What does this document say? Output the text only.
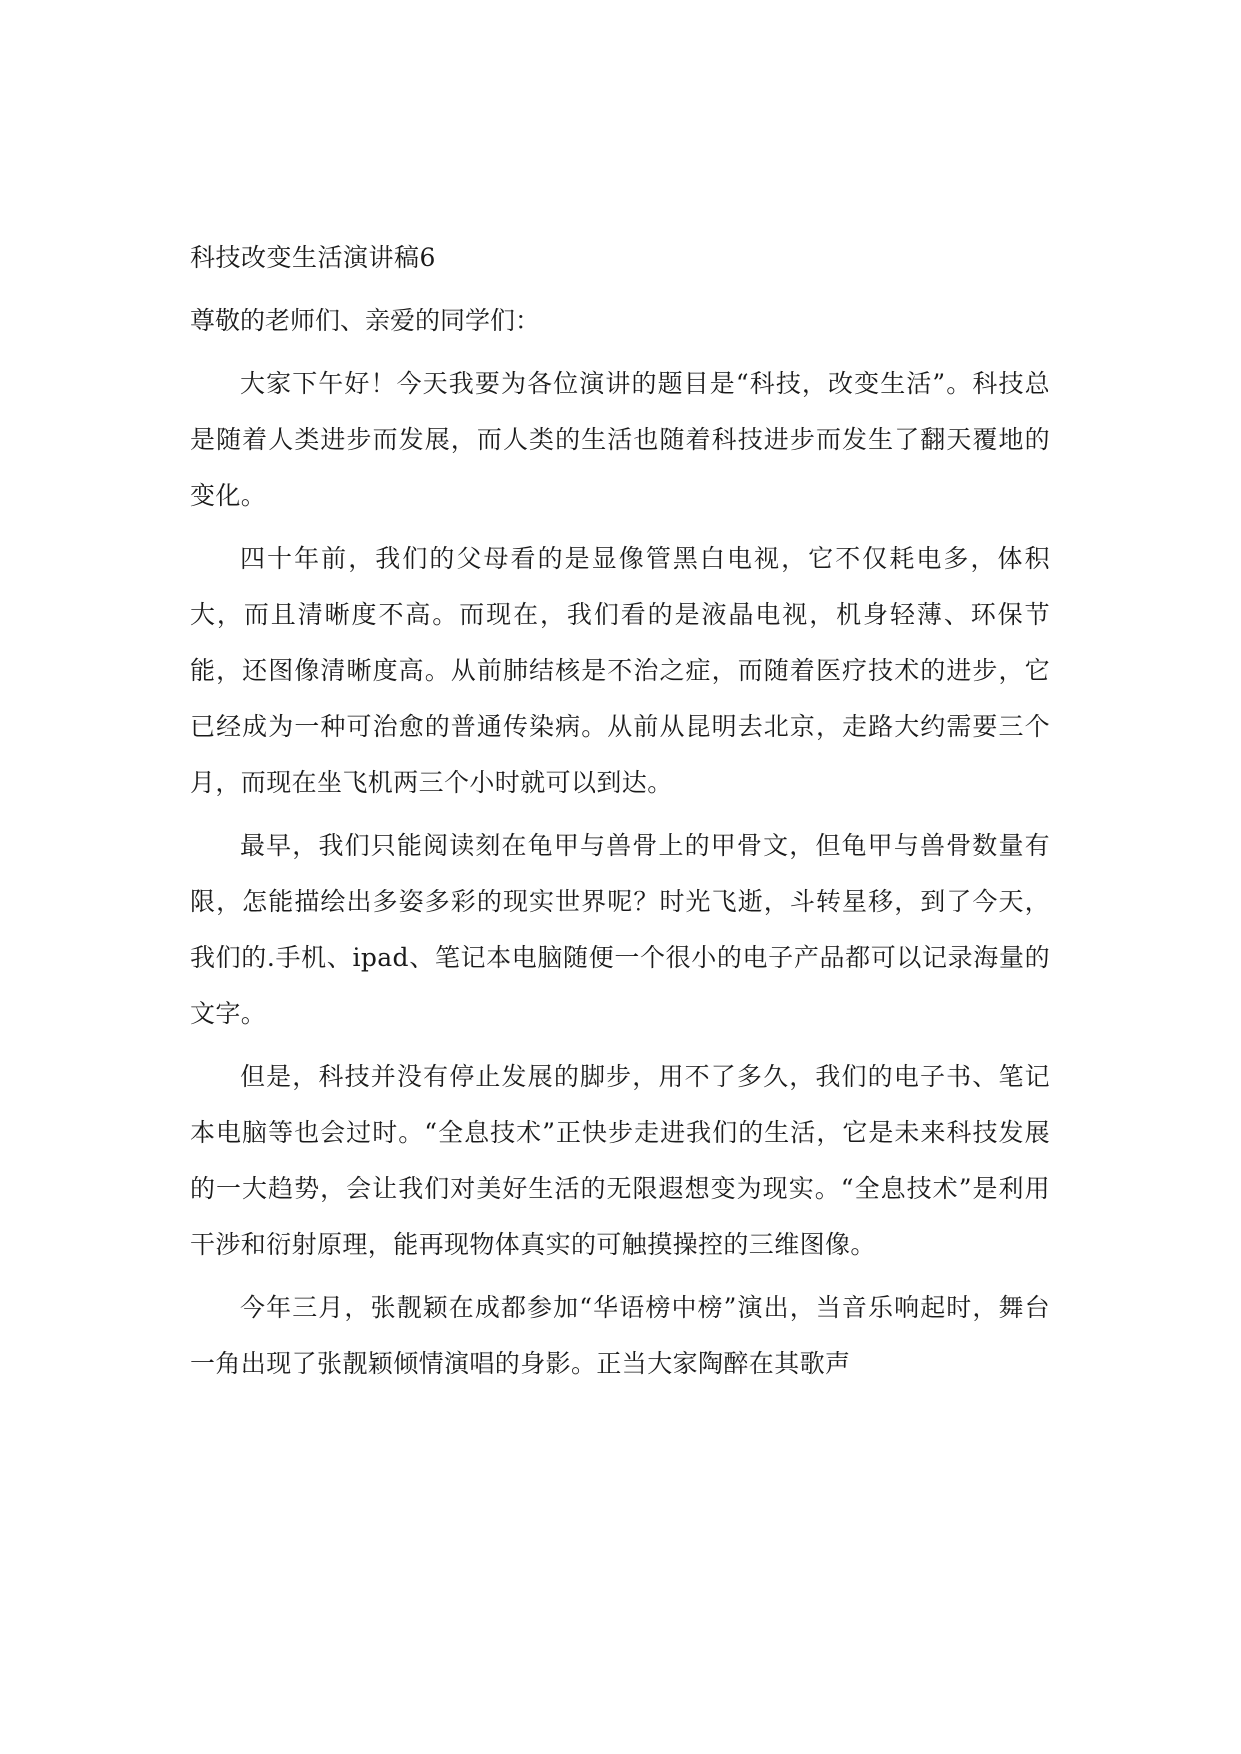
科技改变生活演讲稿6
尊敬的老师们、亲爱的同学们：

大家下午好！今天我要为各位演讲的题目是“科技，改变生活”。科技总是随着人类进步而发展，而人类的生活也随着科技进步而发生了翻天覆地的变化。

四十年前，我们的父母看的是显像管黑白电视，它不仅耗电多，体积大，而且清晰度不高。而现在，我们看的是液晶电视，机身轻薄、环保节能，还图像清晰度高。从前肺结核是不治之症，而随着医疗技术的进步，它已经成为一种可治愈的普通传染病。从前从昆明去北京，走路大约需要三个月，而现在坐飞机两三个小时就可以到达。

最早，我们只能阅读刻在龟甲与兽骨上的甲骨文，但龟甲与兽骨数量有限，怎能描绘出多姿多彩的现实世界呢？时光飞逝，斗转星移，到了今天，我们的.手机、ipad、笔记本电脑随便一个很小的电子产品都可以记录海量的文字。

但是，科技并没有停止发展的脚步，用不了多久，我们的电子书、笔记本电脑等也会过时。“全息技术”正快步走进我们的生活，它是未来科技发展的一大趋势，会让我们对美好生活的无限遐想变为现实。“全息技术”是利用干涉和衍射原理，能再现物体真实的可触摸操控的三维图像。

今年三月，张靓颖在成都参加“华语榜中榜”演出，当音乐响起时，舞台一角出现了张靓颖倾情演唱的身影。正当大家陶醉在其歌声
